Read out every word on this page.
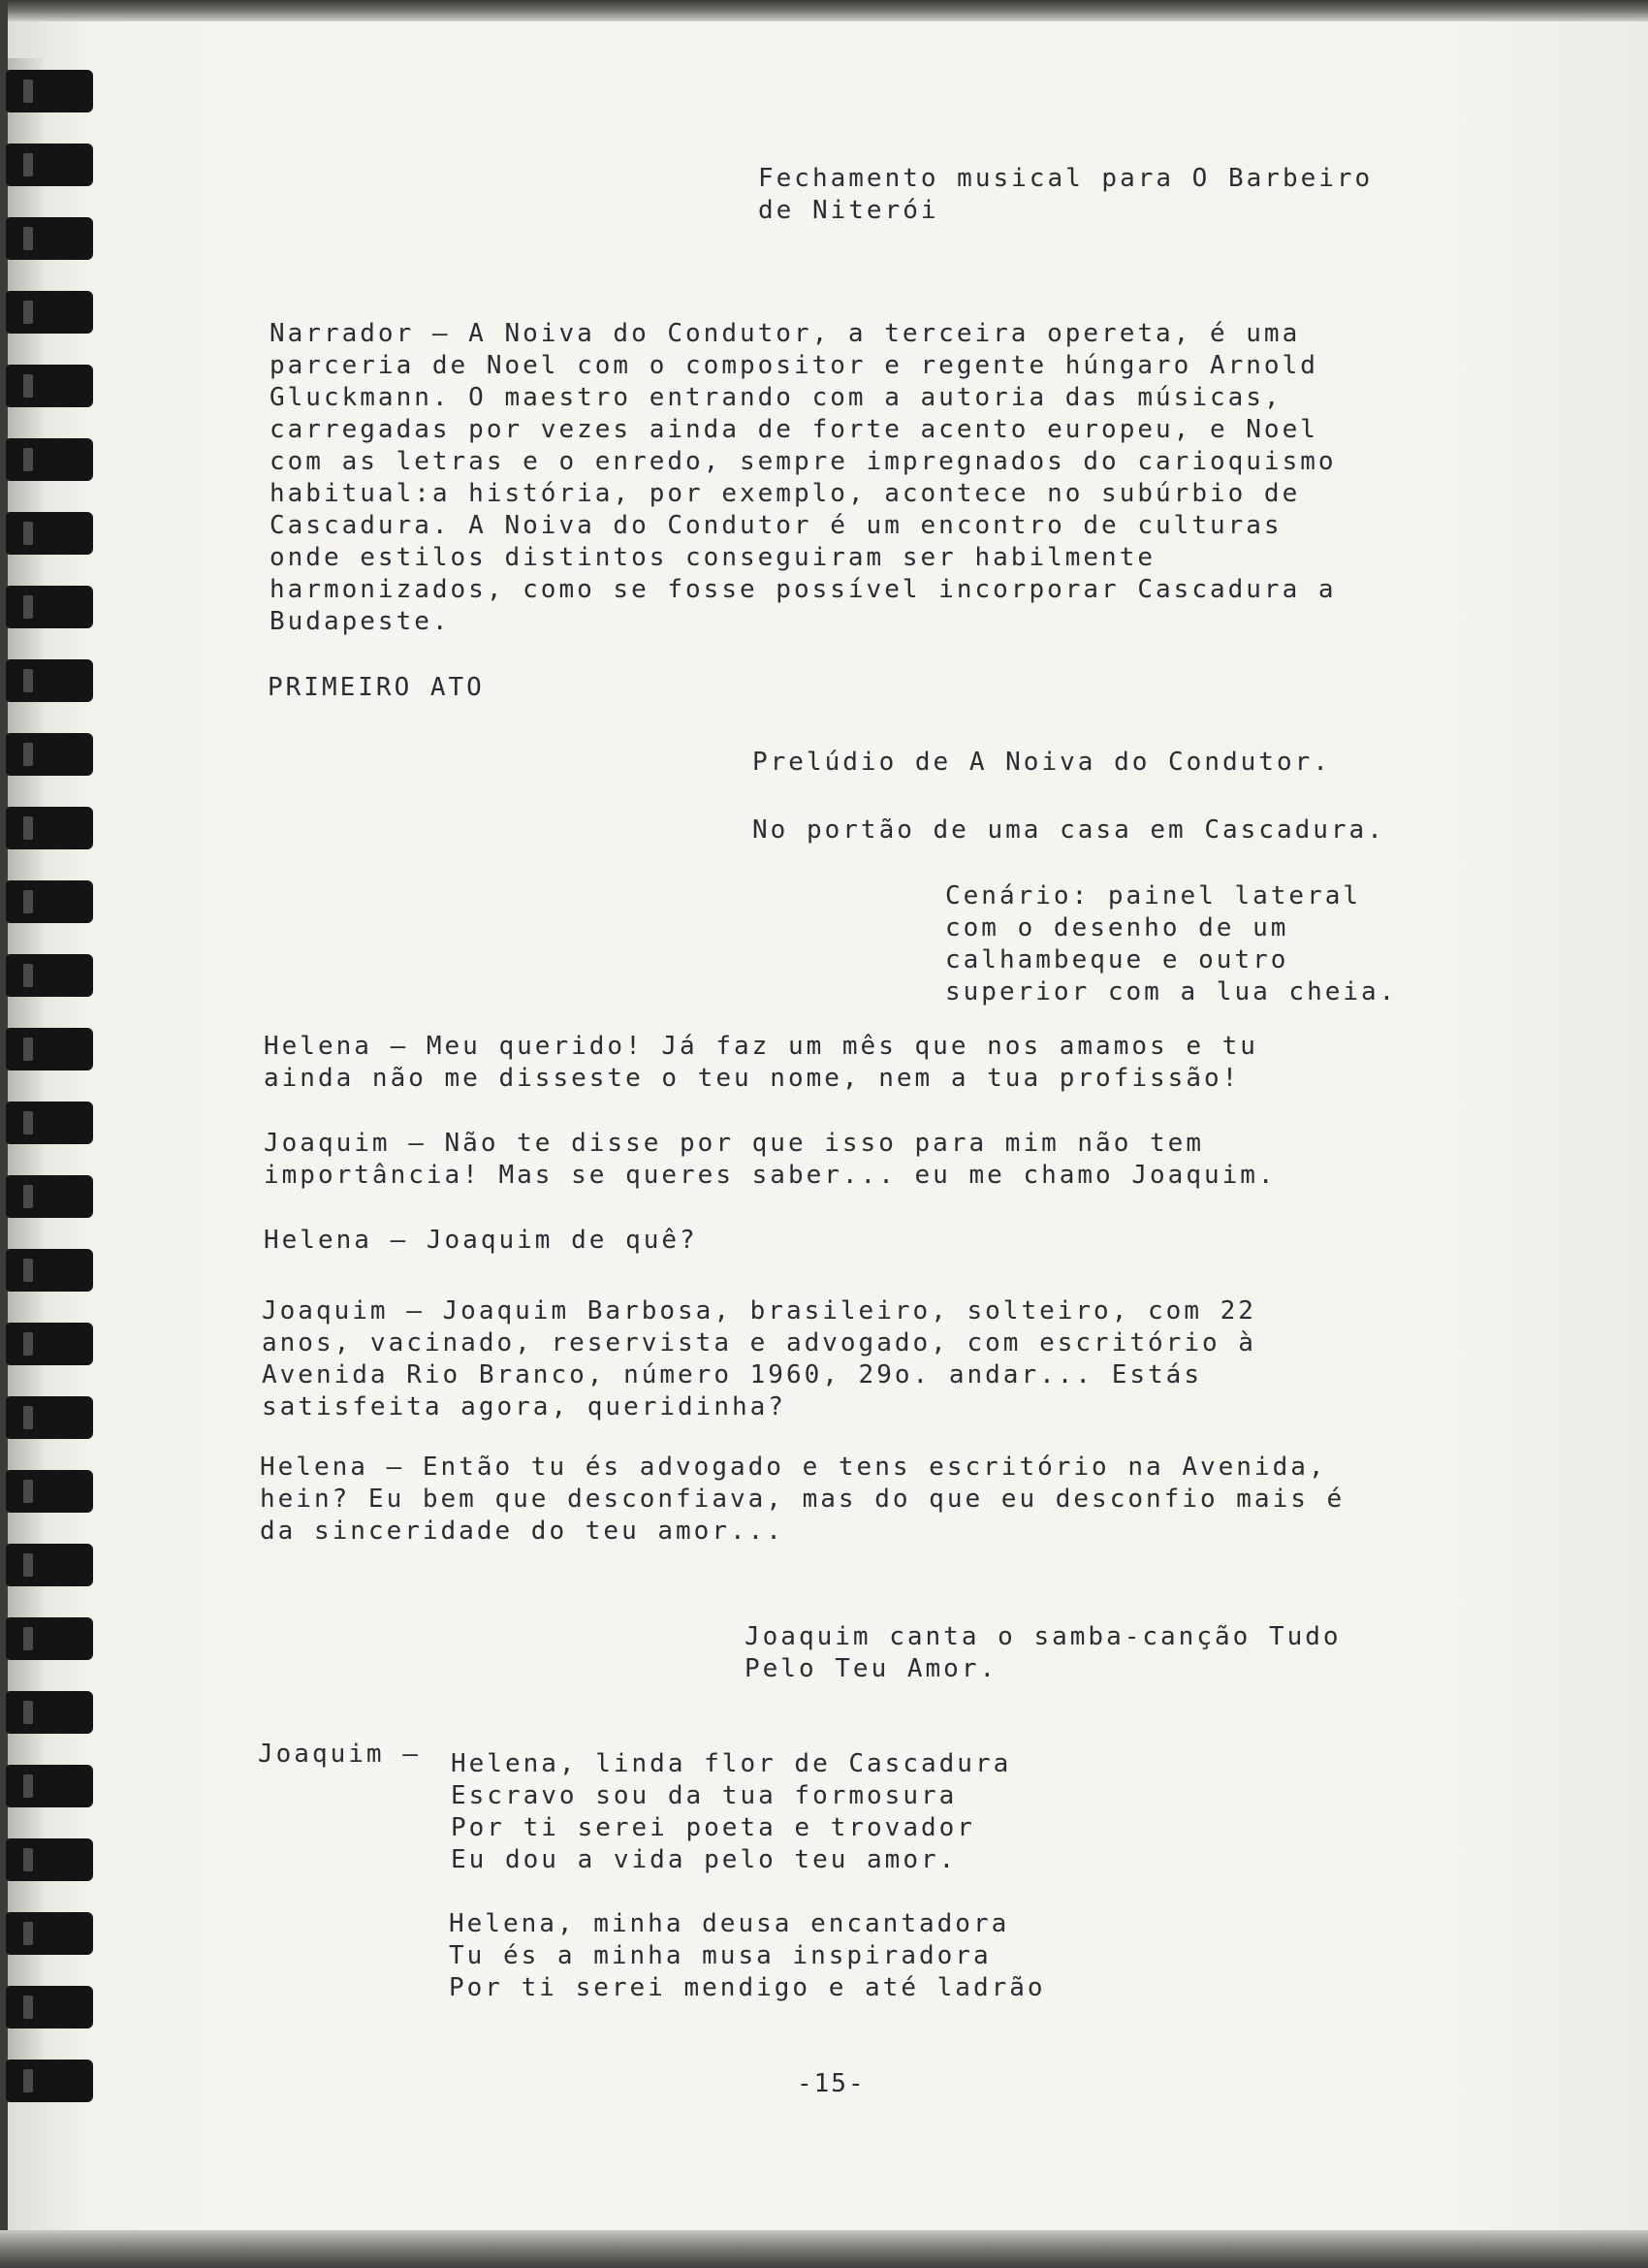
Fechamento musical para O Barbeiro
de Niterói

Narrador – A Noiva do Condutor, a terceira opereta, é uma
parceria de Noel com o compositor e regente húngaro Arnold
Gluckmann. O maestro entrando com a autoria das músicas,
carregadas por vezes ainda de forte acento europeu, e Noel
com as letras e o enredo, sempre impregnados do carioquismo
habitual:a história, por exemplo, acontece no subúrbio de
Cascadura. A Noiva do Condutor é um encontro de culturas
onde estilos distintos conseguiram ser habilmente
harmonizados, como se fosse possível incorporar Cascadura a
Budapeste.

PRIMEIRO ATO

Prelúdio de A Noiva do Condutor.

No portão de uma casa em Cascadura.

Cenário: painel lateral
com o desenho de um
calhambeque e outro
superior com a lua cheia.

Helena – Meu querido! Já faz um mês que nos amamos e tu
ainda não me disseste o teu nome, nem a tua profissão!

Joaquim – Não te disse por que isso para mim não tem
importância! Mas se queres saber... eu me chamo Joaquim.

Helena – Joaquim de quê?

Joaquim – Joaquim Barbosa, brasileiro, solteiro, com 22
anos, vacinado, reservista e advogado, com escritório à
Avenida Rio Branco, número 1960, 29o. andar... Estás
satisfeita agora, queridinha?

Helena – Então tu és advogado e tens escritório na Avenida,
hein? Eu bem que desconfiava, mas do que eu desconfio mais é
da sinceridade do teu amor...

Joaquim canta o samba-canção Tudo
Pelo Teu Amor.

Joaquim – Helena, linda flor de Cascadura
Escravo sou da tua formosura
Por ti serei poeta e trovador
Eu dou a vida pelo teu amor.

Helena, minha deusa encantadora
Tu és a minha musa inspiradora
Por ti serei mendigo e até ladrão

-15-
